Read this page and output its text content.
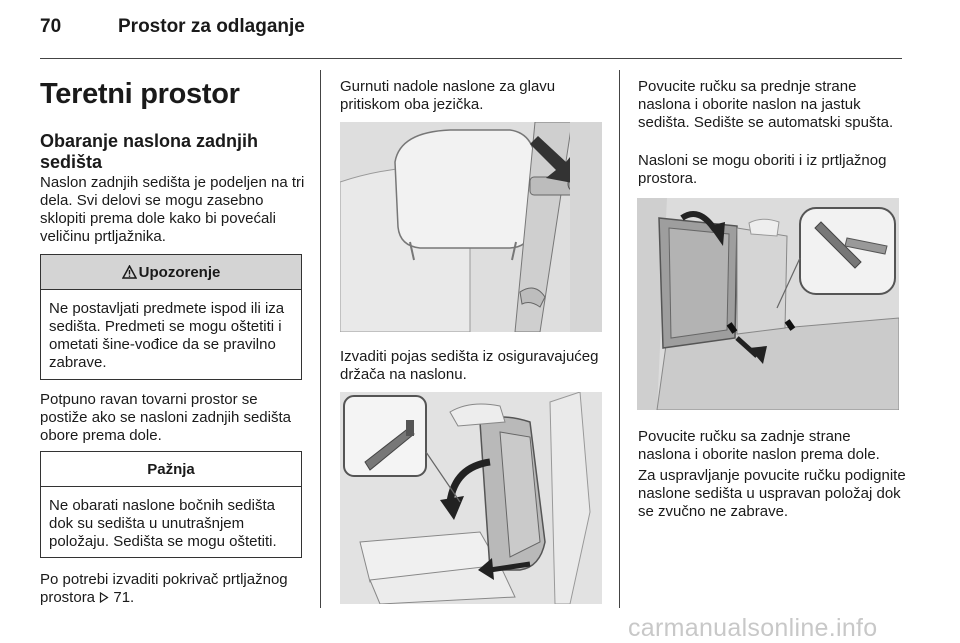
70	Prostor za odlaganje
Teretni prostor
Obaranje naslona zadnjih sedišta
Naslon zadnjih sedišta je podeljen na tri dela. Svi delovi se mogu zasebno sklopiti prema dole kako bi povećali veličinu prtljažnika.
Upozorenje
Ne postavljati predmete ispod ili iza sedišta. Predmeti se mogu oštetiti i ometati šine-vođice da se pravilno zabrave.
Potpuno ravan tovarni prostor se postiže ako se nasloni zadnjih sedišta obore prema dole.
Pažnja
Ne obarati naslone bočnih sedišta dok su sedišta u unutrašnjem položaju. Sedišta se mogu oštetiti.
Po potrebi izvaditi pokrivač prtljažnog prostora 71.
Gurnuti nadole naslone za glavu pritiskom oba jezička.
Izvaditi pojas sedišta iz osiguravajućeg držača na naslonu.
Povucite ručku sa prednje strane naslona i oborite naslon na jastuk sedišta. Sedište se automatski spušta.
Nasloni se mogu oboriti i iz prtljažnog prostora.
Povucite ručku sa zadnje strane naslona i oborite naslon prema dole.
Za uspravljanje povucite ručku podignite naslone sedišta u uspravan položaj dok se zvučno ne zabrave.
carmanualsonline.info
